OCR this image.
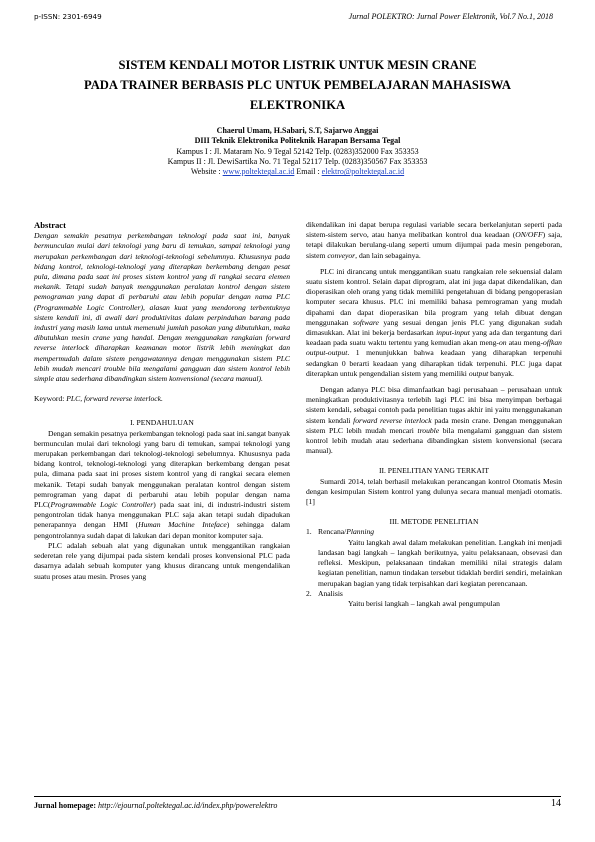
p-ISSN: 2301-6949	Jurnal POLEKTRO: Jurnal Power Elektronik, Vol.7 No.1, 2018
SISTEM KENDALI MOTOR LISTRIK UNTUK MESIN CRANE
PADA TRAINER BERBASIS PLC UNTUK PEMBELAJARAN MAHASISWA
ELEKTRONIKA
Chaerul Umam, H.Sabari, S.T, Sajarwo Anggai
DIII Teknik Elektronika Politeknik Harapan Bersama Tegal
Kampus I : Jl. Mataram No. 9 Tegal 52142 Telp. (0283)352000 Fax 353353
Kampus II : Jl. DewiSartika No. 71 Tegal 52117 Telp. (0283)350567 Fax 353353
Website : www.poltektegal.ac.id Email : elektro@poltektegal.ac.id
Abstract

Dengan semakin pesatnya perkembangan teknologi pada saat ini, banyak bermunculan mulai dari teknologi yang baru di temukan, sampai teknologi yang merupakan perkembangan dari teknologi-teknologi sebelumnya. Khususnya pada bidang kontrol, teknologi-teknologi yang diterapkan berkembang dengan pesat pula, dimana pada saat ini proses sistem kontrol yang di rangkai secara elemen mekanik. Tetapi sudah banyak menggunakan peralatan kontrol dengan sistem pemograman yang dapat di perbaruhi atau lebih popular dengan nama PLC (Programmable Logic Controller), alasan kuat yang mendorong terbentuknya sistem kendali ini, di awali dari produktivitas dalam perpindahan barang pada industri yang masih lama untuk memenuhi jumlah pasokan yang dibutuhkan, maka dibutuhkan mesin crane yang handal. Dengan menggunakan rangkaian forward reverse interlock diharapkan keamanan motor listrik lebih meningkat dan mempermudah dalam sistem pengawatannya dengan menggunakan sistem PLC lebih mudah mencari trouble bila mengalami gangguan dan sistem kontrol lebih simple atau sederhana dibandingkan sistem konvensional (secara manual).

Keyword: PLC, forward reverse interlock.

I. PENDAHULUAN

Dengan semakin pesatnya perkembangan teknologi pada saat ini.sangat banyak bermunculan mulai dari teknologi yang baru di temukan, sampai teknologi yang merupakan perkembangan dari teknologi-teknologi sebelumnya. Khususnya pada bidang kontrol, teknologi-teknologi yang diterapkan berkembang dengan pesat pula, dimana pada saat ini proses sistem kontrol yang di rangkai secara elemen mekanik. Tetapi sudah banyak menggunakan peralatan kontrol dengan sistem pemrograman yang dapat di perbaruhi atau lebih popular dengan nama PLC(Programmable Logic Controller) pada saat ini, di industri-industri sistem pengontrolan tidak hanya menggunakan PLC saja akan tetapi sudah dipadukan penerapannya dengan HMI (Human Machine Inteface) sehingga dalam pengontrolannya sudah dapat di lakukan dari depan monitor komputer saja.

PLC adalah sebuah alat yang digunakan untuk menggantikan rangkaian sederetan rele yang dijumpai pada sistem kendali proses konvensional PLC pada dasarnya adalah sebuah komputer yang khusus dirancang untuk mengendalikan suatu proses atau mesin. Proses yang

dikendalikan ini dapat berupa regulasi variable secara berkelanjutan seperti pada sistem-sistem servo, atau hanya melibatkan kontrol dua keadaan (ON/OFF) saja, tetapi dilakukan berulang-ulang seperti umum dijumpai pada mesin pengeboran, sistem conveyor, dan lain sebagainya.

PLC ini dirancang untuk menggantikan suatu rangkaian rele sekuensial dalam suatu sistem kontrol. Selain dapat diprogram, alat ini juga dapat dikendalikan, dan dioperasikan oleh orang yang tidak memiliki pengetahuan di bidang pengoperasian komputer secara khusus. PLC ini memiliki bahasa pemrograman yang mudah dipahami dan dapat dioperasikan bila program yang telah dibuat dengan menggunakan software yang sesuai dengan jenis PLC yang digunakan sudah dimasukkan. Alat ini bekerja berdasarkan input-input yang ada dan tergantung dari keadaan pada suatu waktu tertentu yang kemudian akan meng-on atau meng-offkan output-output. 1 menunjukkan bahwa keadaan yang diharapkan terpenuhi sedangkan 0 berarti keadaan yang diharapkan tidak terpenuhi. PLC juga dapat diterapkan untuk pengendalian sistem yang memiliki output banyak.

Dengan adanya PLC bisa dimanfaatkan bagi perusahaan – perusahaan untuk meningkatkan produktivitasnya terlebih lagi PLC ini bisa menyimpan berbagai sistem kendali, sebagai contoh pada penelitian tugas akhir ini yaitu menggunakanan sistem kendali forward reverse interlock pada mesin crane. Dengan menggunakan sistem PLC lebih mudah mencari trouble bila mengalami gangguan dan sistem kontrol lebih mudah atau sederhana dibandingkan sistem konvensional (secara manual).

II. PENELITIAN YANG TERKAIT

Sumardi 2014, telah berhasil melakukan perancangan kontrol Otomatis Mesin dengan kesimpulan Sistem kontrol yang dulunya secara manual menjadi otomatis. [1]

III. METODE PENELITIAN

1. Rencana/Planning

Yaitu langkah awal dalam melakukan penelitian. Langkah ini menjadi landasan bagi langkah – langkah berikutnya, yaitu pelaksanaan, obsevasi dan refleksi. Meskipun, pelaksanaan tindakan memiliki nilai strategis dalam kegiatan penelitian, namun tindakan tersebut tidaklah berdiri sendiri, melainkan merupakan bagian yang tidak terpisahkan dari kegiatan perencanaan.

2. Analisis

Yaitu berisi langkah – langkah awal pengumpulan

Jurnal homepage: http://ejournal.poltektegal.ac.id/index.php/powerelektro	14
